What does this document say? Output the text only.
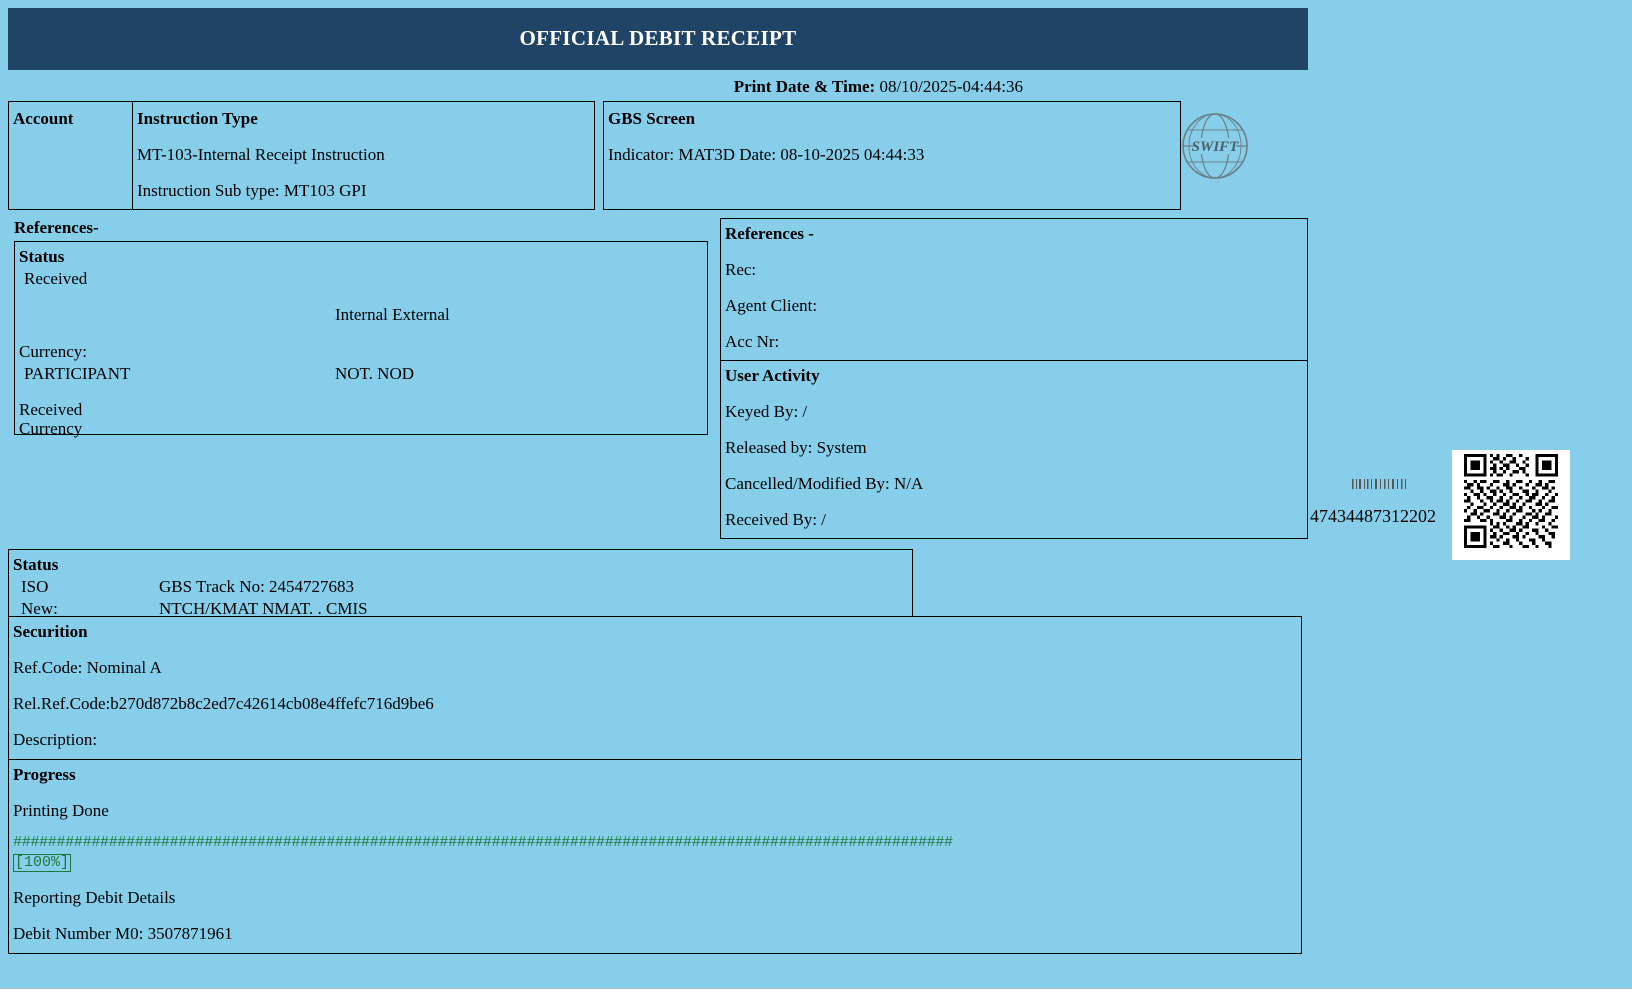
OFFICIAL DEBIT RECEIPT
Print Date & Time: 08/10/2025-04:44:36
Account	Instruction Type
MT-103-Internal Receipt Instruction
Instruction Sub type: MT103 GPI
GBS Screen
Indicator: MAT3D Date: 08-10-2025 04:44:33	SWIFT
References-
Status
Received
Internal External
Currency:
PARTICIPANT	NOT. NOD
Received
Currency
References -
Rec:
Agent Client:
Acc Nr:
User Activity
Keyed By: /
Released by: System
Cancelled/Modified By: N/A
Received By: /
Status
ISO	GBS Track No: 2454727683
New:	NTCH/KMAT NMAT. . CMIS
Securition
Ref.Code: Nominal A
Rel.Ref.Code:b270d872b8c2ed7c42614cb08e4ffefc716d9be6
Description:
Progress
Printing Done
############################################################################################################
[100%]
Reporting Debit Details
Debit Number M0: 3507871961
47434487312202
